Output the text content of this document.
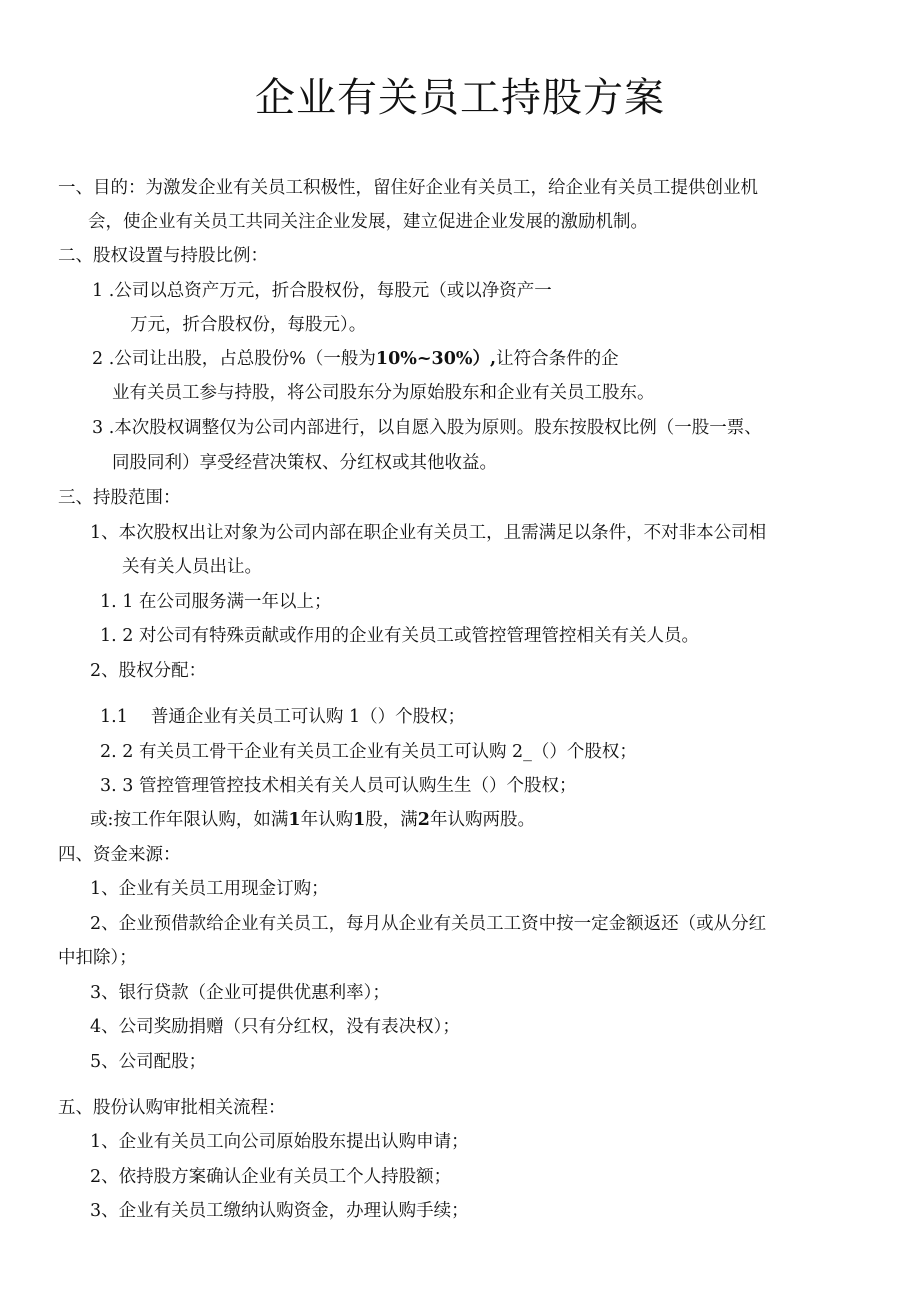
企业有关员工持股方案
一、目的：为激发企业有关员工积极性，留住好企业有关员工，给企业有关员工提供创业机
会，使企业有关员工共同关注企业发展，建立促进企业发展的激励机制。
二、股权设置与持股比例：
1 .公司以总资产万元，折合股权份，每股元（或以净资产一
万元，折合股权份，每股元）。
2 .公司让出股，占总股份%（一般为10%~30%）,让符合条件的企
业有关员工参与持股，将公司股东分为原始股东和企业有关员工股东。
3 .本次股权调整仅为公司内部进行，以自愿入股为原则。股东按股权比例（一股一票、
同股同利）享受经营决策权、分红权或其他收益。
三、持股范围：
1、本次股权出让对象为公司内部在职企业有关员工，且需满足以条件，不对非本公司相
关有关人员出让。
1. 1 在公司服务满一年以上；
1. 2 对公司有特殊贡献或作用的企业有关员工或管控管理管控相关有关人员。
2、股权分配：
1.1　 普通企业有关员工可认购 1（）个股权；
2. 2 有关员工骨干企业有关员工企业有关员工可认购 2_（）个股权；
3. 3 管控管理管控技术相关有关人员可认购生生（）个股权；
或:按工作年限认购，如满1年认购1股，满2年认购两股。
四、资金来源：
1、企业有关员工用现金订购；
2、企业预借款给企业有关员工，每月从企业有关员工工资中按一定金额返还（或从分红
中扣除）；
3、银行贷款（企业可提供优惠利率）；
4、公司奖励捐赠（只有分红权，没有表决权）；
5、公司配股；
五、股份认购审批相关流程：
1、企业有关员工向公司原始股东提出认购申请；
2、依持股方案确认企业有关员工个人持股额；
3、企业有关员工缴纳认购资金，办理认购手续；
